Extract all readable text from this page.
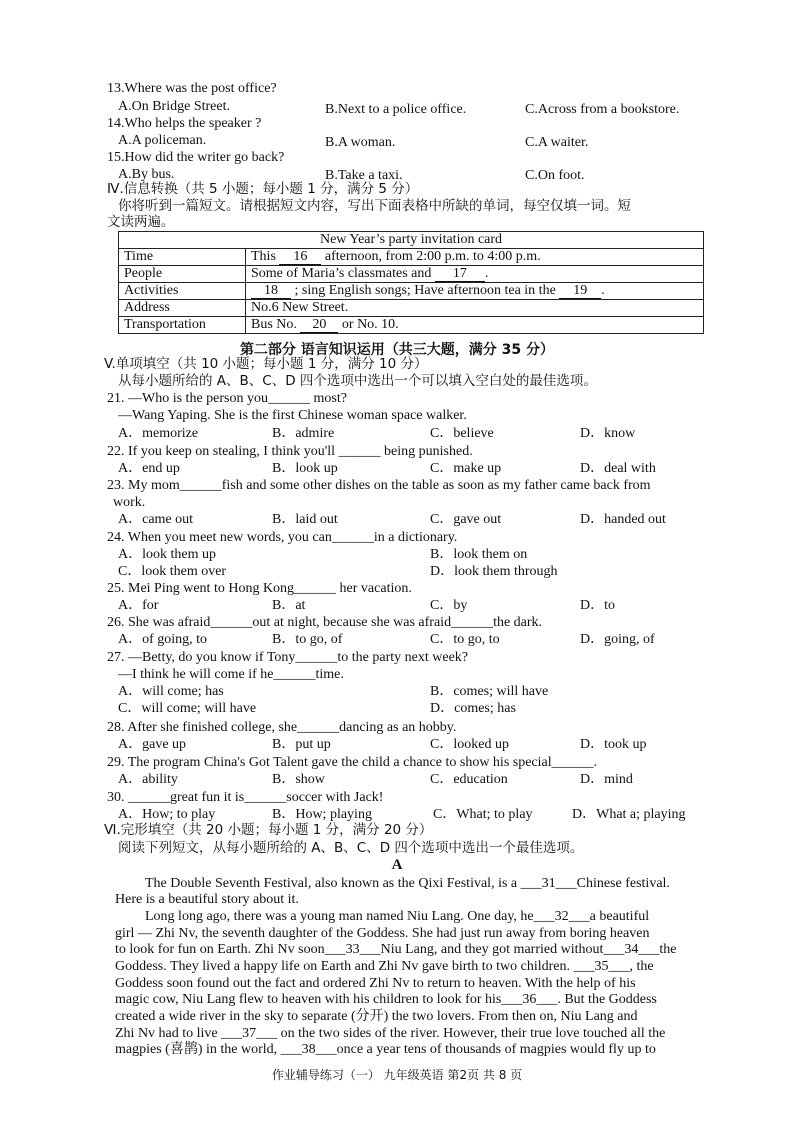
13.Where was the post office?
A.On Bridge Street.	B.Next to a police office.	C.Across from a bookstore.
14.Who helps the speaker ?
A.A policeman.	B.A woman.	C.A waiter.
15.How did the writer go back?
A.By bus.	B.Take a taxi.	C.On foot.
Ⅳ.信息转换（共 5 小题；每小题 1 分，满分 5 分）
你将听到一篇短文。请根据短文内容，写出下面表格中所缺的单词，每空仅填一词。短
文读两遍。
New Year’s party invitation card	
Time	This 16 afternoon, from 2:00 p.m. to 4:00 p.m.
People	Some of Maria’s classmates and 17 .
Activities	18 ; sing English songs; Have afternoon tea in the 19 .
Address	No.6 New Street.
Transportation	Bus No. 20 or No. 10.
第二部分 语言知识运用（共三大题，满分 35 分）
V.单项填空（共 10 小题；每小题 1 分，满分 10 分）
从每小题所给的 A、B、C、D 四个选项中选出一个可以填入空白处的最佳选项。
21. —Who is the person you______ most?
—Wang Yaping. She is the first Chinese woman space walker.
A．memorize	B．admire	C．believe	D．know
22. If you keep on stealing, I think you'll ______ being punished.
A．end up	B．look up	C．make up	D．deal with
23. My mom______fish and some other dishes on the table as soon as my father came back from
work.
A．came out	B．laid out	C．gave out	D．handed out
24. When you meet new words, you can______in a dictionary.
A．look them up	B．look them on
C．look them over	D．look them through
25. Mei Ping went to Hong Kong______ her vacation.
A．for	B．at	C．by	D．to
26. She was afraid______out at night, because she was afraid______the dark.
A．of going, to	B．to go, of	C．to go, to	D．going, of
27. —Betty, do you know if Tony______to the party next week?
—I think he will come if he______time.
A．will come; has	B．comes; will have
C．will come; will have	D．comes; has
28. After she finished college, she______dancing as an hobby.
A．gave up	B．put up	C．looked up	D．took up
29. The program China's Got Talent gave the child a chance to show his special______.
A．ability	B．show	C．education	D．mind
30. ______great fun it is______soccer with Jack!
A．How; to play	B．How; playing	C．What; to play	D．What a; playing
Ⅵ.完形填空（共 20 小题；每小题 1 分，满分 20 分）
阅读下列短文，从每小题所给的 A、B、C、D 四个选项中选出一个最佳选项。
A
The Double Seventh Festival, also known as the Qixi Festival, is a ___31___Chinese festival.
Here is a beautiful story about it.
Long long ago, there was a young man named Niu Lang. One day, he___32___a beautiful
girl — Zhi Nv, the seventh daughter of the Goddess. She had just run away from boring heaven
to look for fun on Earth. Zhi Nv soon___33___Niu Lang, and they got married without___34___the
Goddess. They lived a happy life on Earth and Zhi Nv gave birth to two children. ___35___, the
Goddess soon found out the fact and ordered Zhi Nv to return to heaven. With the help of his
magic cow, Niu Lang flew to heaven with his children to look for his___36___. But the Goddess
created a wide river in the sky to separate (分开) the two lovers. From then on, Niu Lang and
Zhi Nv had to live ___37___ on the two sides of the river. However, their true love touched all the
magpies (喜鹊) in the world, ___38___once a year tens of thousands of magpies would fly up to
作业辅导练习（一） 九年级英语 第2页 共 8 页
